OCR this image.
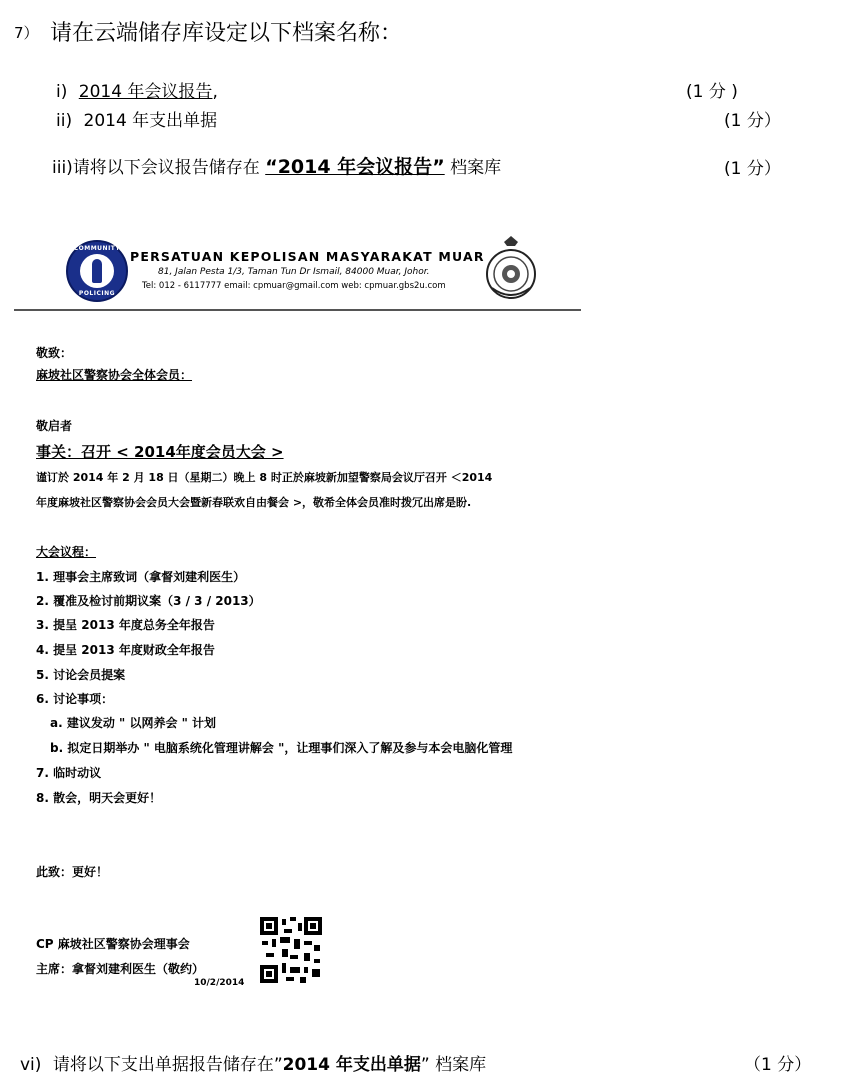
7） 请在云端储存库设定以下档案名称：
i) 2014 年会议报告,	(1 分 )
ii) 2014 年支出单据	(1 分）
iii)请将以下会议报告储存在 “2014 年会议报告” 档案库	(1 分）
COMMUNITY
POLICING
PERSATUAN KEPOLISAN MASYARAKAT MUAR
81, Jalan Pesta 1/3, Taman Tun Dr Ismail, 84000 Muar, Johor.
Tel: 012 - 6117777 email: cpmuar@gmail.com web: cpmuar.gbs2u.com
敬致：
麻坡社区警察协会全体会员：
敬启者
事关：召开 < 2014年度会员大会 >
谨订於 2014 年 2 月 18 日（星期二）晚上 8 时正於麻坡新加望警察局会议厅召开 ＜2014
年度麻坡社区警察协会会员大会暨新春联欢自由餐会 >，敬希全体会员准时拨冗出席是盼.
大会议程：
1. 理事会主席致词（拿督刘建利医生）
2. 覆准及检讨前期议案（3 / 3 / 2013）
3. 提呈 2013 年度总务全年报告
4. 提呈 2013 年度财政全年报告
5. 讨论会员提案
6. 讨论事项：
a. 建议发动 " 以网养会 " 计划
b. 拟定日期举办 " 电脑系统化管理讲解会 "，让理事们深入了解及参与本会电脑化管理
7. 临时动议
8. 散会，明天会更好！
此致：更好！
CP 麻坡社区警察协会理事会
主席：拿督刘建利医生（敬约）
10/2/2014
vi) 请将以下支出单据报告储存在”2014 年支出单据” 档案库	（1 分）
